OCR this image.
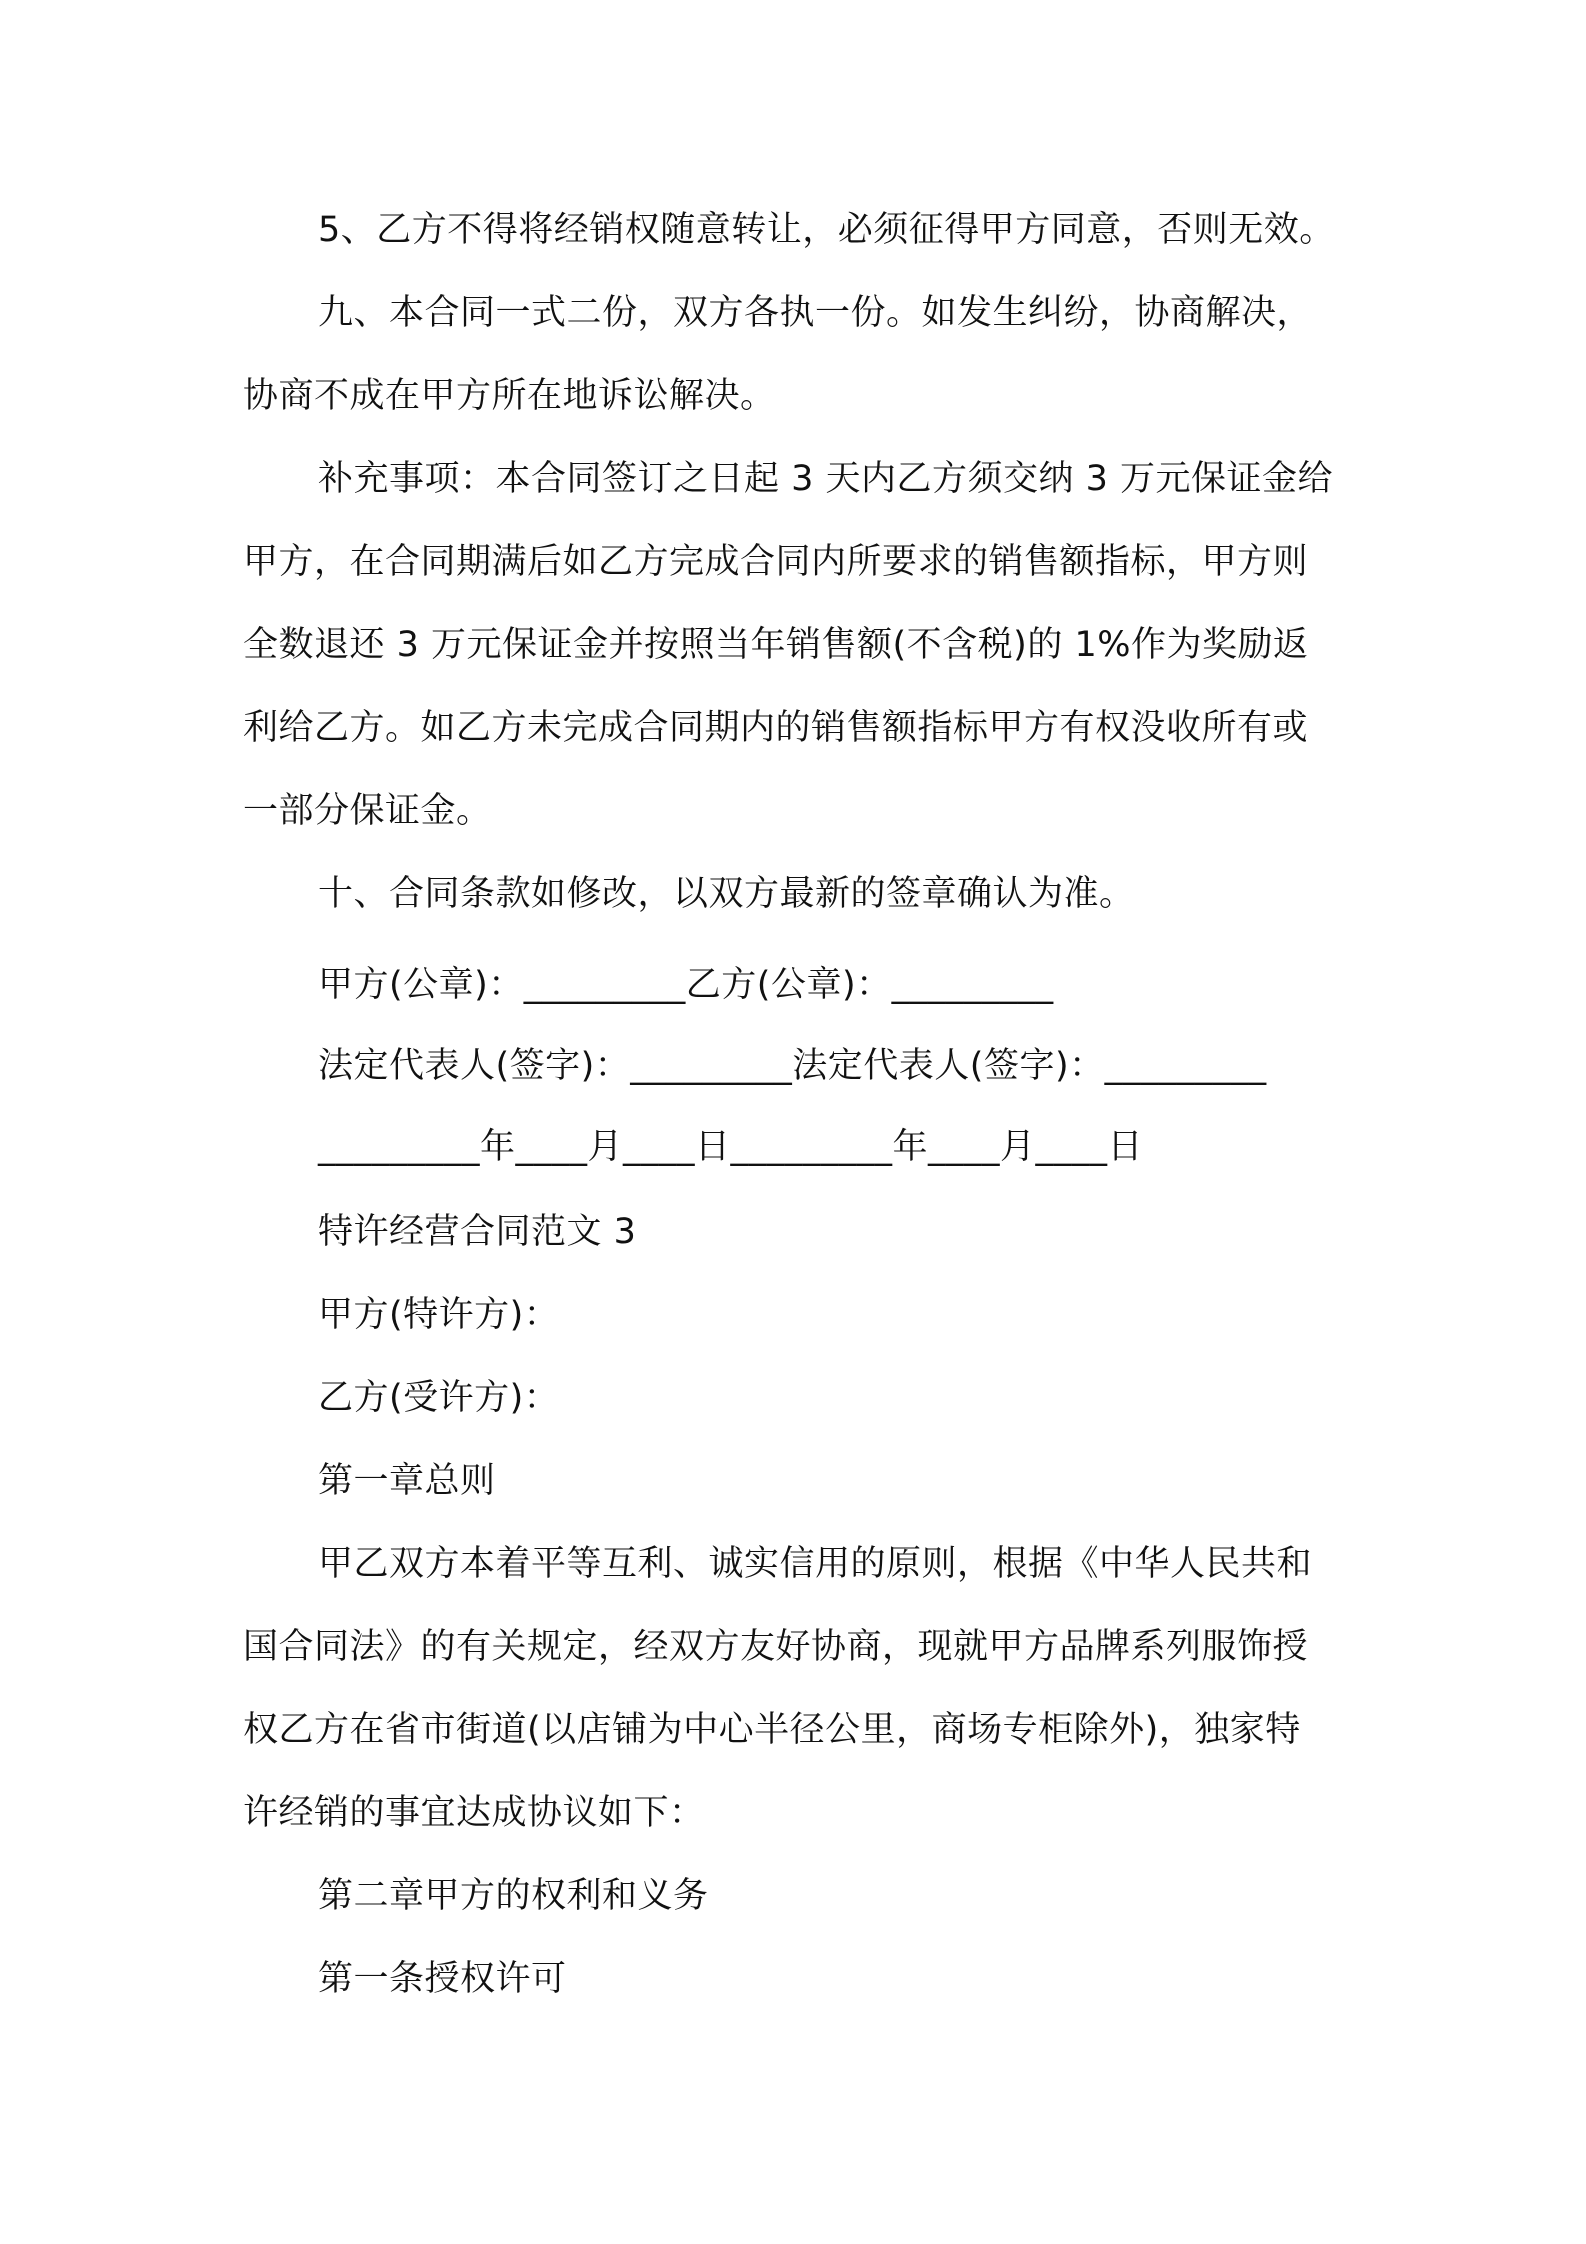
5、乙方不得将经销权随意转让，必须征得甲方同意，否则无效。
九、本合同一式二份，双方各执一份。如发生纠纷，协商解决，
协商不成在甲方所在地诉讼解决。
补充事项：本合同签订之日起 3 天内乙方须交纳 3 万元保证金给
甲方，在合同期满后如乙方完成合同内所要求的销售额指标，甲方则
全数退还 3 万元保证金并按照当年销售额(不含税)的 1%作为奖励返
利给乙方。如乙方未完成合同期内的销售额指标甲方有权没收所有或
一部分保证金。
十、合同条款如修改，以双方最新的签章确认为准。
甲方(公章)：_________乙方(公章)：_________
法定代表人(签字)：_________法定代表人(签字)：_________
_________年____月____日_________年____月____日
特许经营合同范文 3
甲方(特许方)：
乙方(受许方)：
第一章总则
甲乙双方本着平等互利、诚实信用的原则，根据《中华人民共和
国合同法》的有关规定，经双方友好协商，现就甲方品牌系列服饰授
权乙方在省市街道(以店铺为中心半径公里，商场专柜除外)，独家特
许经销的事宜达成协议如下：
第二章甲方的权利和义务
第一条授权许可
